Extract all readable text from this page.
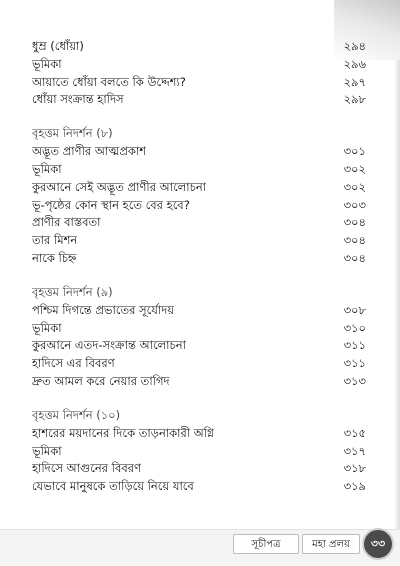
ধুম্র (ধোঁয়া)	২৯৪
ভূমিকা	২৯৬
আয়াতে ধোঁয়া বলতে কি উদ্দেশ্য?	২৯৭
ধোঁয়া সংক্রান্ত হাদিস	২৯৮
বৃহত্তম নিদর্শন (৮)
অদ্ভূত প্রাণীর আত্মপ্রকাশ	৩০১
ভূমিকা	৩০২
কুরআনে সেই অদ্ভূত প্রাণীর আলোচনা	৩০২
ভূ-পৃষ্ঠের কোন স্থান হতে বের হবে?	৩০৩
প্রাণীর বাস্তবতা	৩০৪
তার মিশন	৩০৪
নাকে চিহ্ন	৩০৪
বৃহত্তম নিদর্শন (৯)
পশ্চিম দিগন্তে প্রভাতের সূর্যোদয়	৩০৮
ভূমিকা	৩১০
কুরআনে এতদ-সংক্রান্ত আলোচনা	৩১১
হাদিসে এর বিবরণ	৩১১
দ্রুত আমল করে নেয়ার তাগিদ	৩১৩
বৃহত্তম নিদর্শন (১০)
হাশরের ময়দানের দিকে তাড়নাকারী অগ্নি	৩১৫
ভূমিকা	৩১৭
হাদিসে আগুনের বিবরণ	৩১৮
যেভাবে মানুষকে তাড়িয়ে নিয়ে যাবে	৩১৯
সূচীপত্র	মহা প্রলয়	৩৩
